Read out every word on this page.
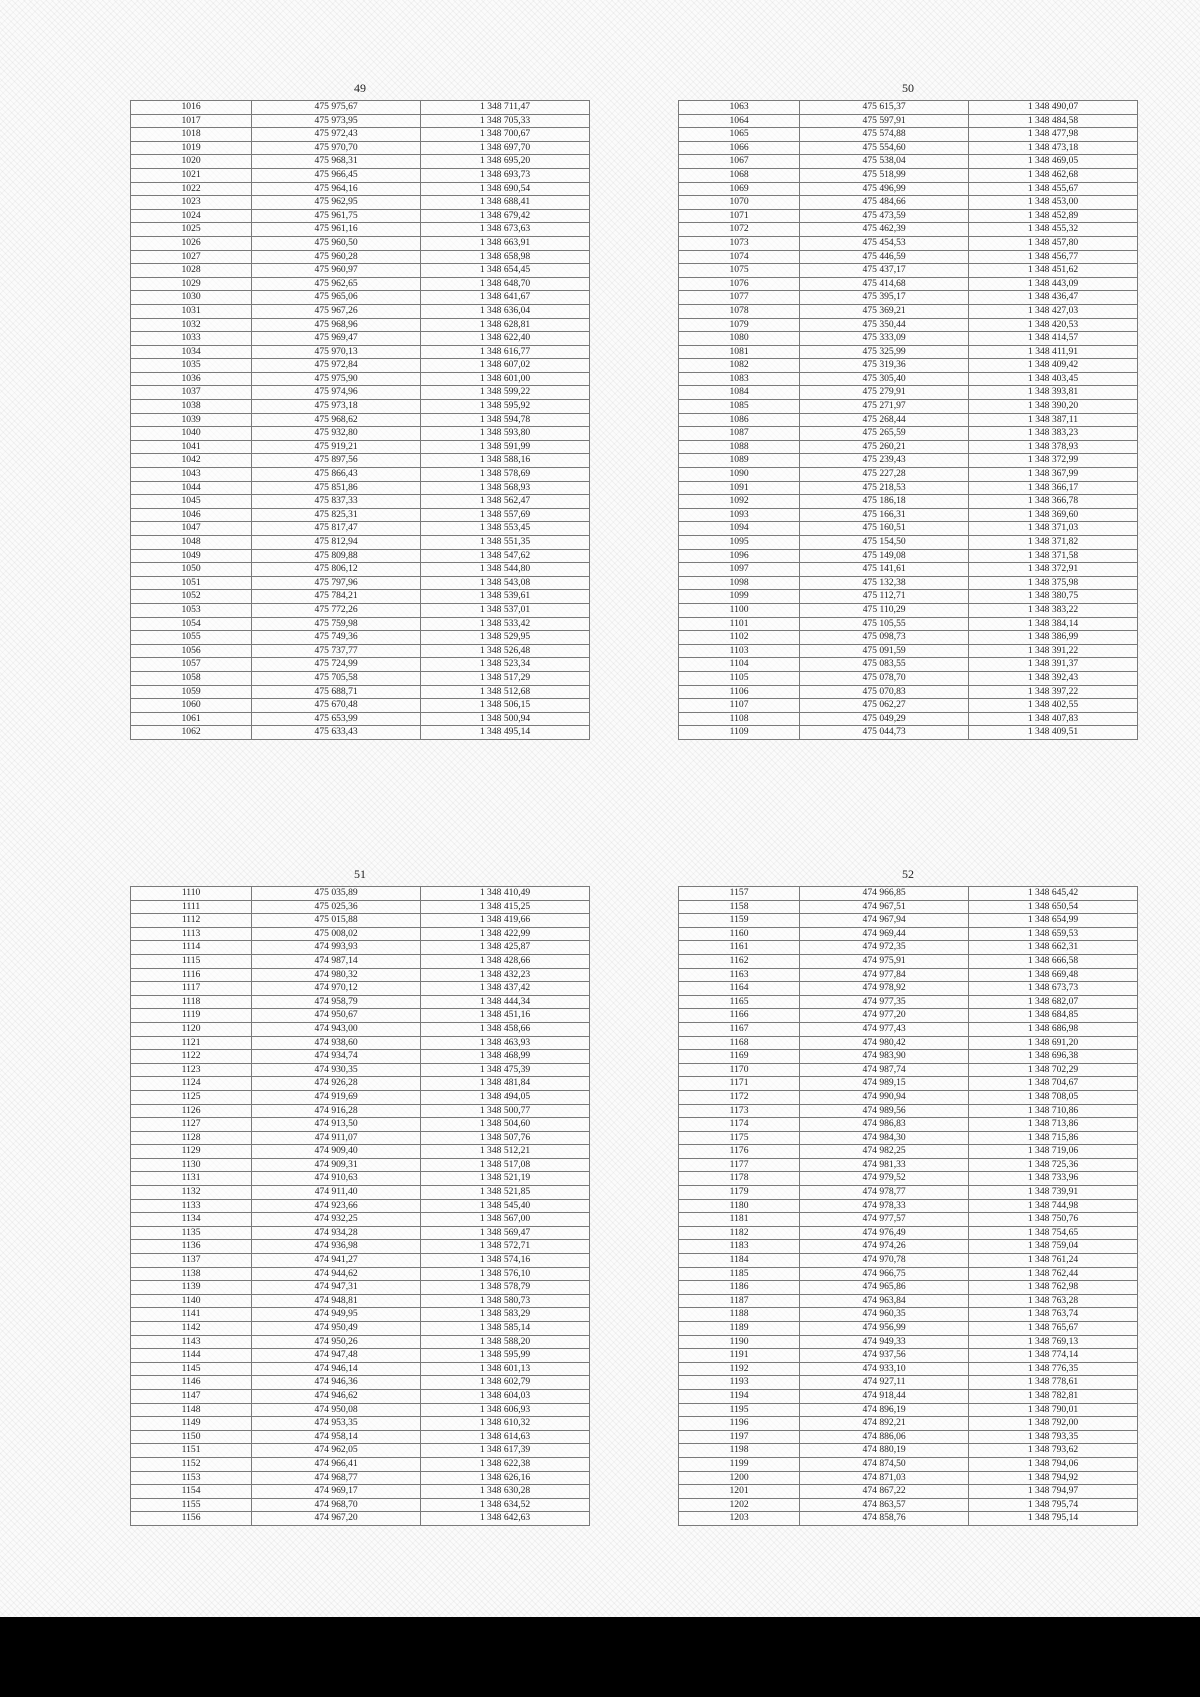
49
1016	475 975,67	1 348 711,47
1017	475 973,95	1 348 705,33
1018	475 972,43	1 348 700,67
1019	475 970,70	1 348 697,70
1020	475 968,31	1 348 695,20
1021	475 966,45	1 348 693,73
1022	475 964,16	1 348 690,54
1023	475 962,95	1 348 688,41
1024	475 961,75	1 348 679,42
1025	475 961,16	1 348 673,63
1026	475 960,50	1 348 663,91
1027	475 960,28	1 348 658,98
1028	475 960,97	1 348 654,45
1029	475 962,65	1 348 648,70
1030	475 965,06	1 348 641,67
1031	475 967,26	1 348 636,04
1032	475 968,96	1 348 628,81
1033	475 969,47	1 348 622,40
1034	475 970,13	1 348 616,77
1035	475 972,84	1 348 607,02
1036	475 975,90	1 348 601,00
1037	475 974,96	1 348 599,22
1038	475 973,18	1 348 595,92
1039	475 968,62	1 348 594,78
1040	475 932,80	1 348 593,80
1041	475 919,21	1 348 591,99
1042	475 897,56	1 348 588,16
1043	475 866,43	1 348 578,69
1044	475 851,86	1 348 568,93
1045	475 837,33	1 348 562,47
1046	475 825,31	1 348 557,69
1047	475 817,47	1 348 553,45
1048	475 812,94	1 348 551,35
1049	475 809,88	1 348 547,62
1050	475 806,12	1 348 544,80
1051	475 797,96	1 348 543,08
1052	475 784,21	1 348 539,61
1053	475 772,26	1 348 537,01
1054	475 759,98	1 348 533,42
1055	475 749,36	1 348 529,95
1056	475 737,77	1 348 526,48
1057	475 724,99	1 348 523,34
1058	475 705,58	1 348 517,29
1059	475 688,71	1 348 512,68
1060	475 670,48	1 348 506,15
1061	475 653,99	1 348 500,94
1062	475 633,43	1 348 495,14
50
1063	475 615,37	1 348 490,07
1064	475 597,91	1 348 484,58
1065	475 574,88	1 348 477,98
1066	475 554,60	1 348 473,18
1067	475 538,04	1 348 469,05
1068	475 518,99	1 348 462,68
1069	475 496,99	1 348 455,67
1070	475 484,66	1 348 453,00
1071	475 473,59	1 348 452,89
1072	475 462,39	1 348 455,32
1073	475 454,53	1 348 457,80
1074	475 446,59	1 348 456,77
1075	475 437,17	1 348 451,62
1076	475 414,68	1 348 443,09
1077	475 395,17	1 348 436,47
1078	475 369,21	1 348 427,03
1079	475 350,44	1 348 420,53
1080	475 333,09	1 348 414,57
1081	475 325,99	1 348 411,91
1082	475 319,36	1 348 409,42
1083	475 305,40	1 348 403,45
1084	475 279,91	1 348 393,81
1085	475 271,97	1 348 390,20
1086	475 268,44	1 348 387,11
1087	475 265,59	1 348 383,23
1088	475 260,21	1 348 378,93
1089	475 239,43	1 348 372,99
1090	475 227,28	1 348 367,99
1091	475 218,53	1 348 366,17
1092	475 186,18	1 348 366,78
1093	475 166,31	1 348 369,60
1094	475 160,51	1 348 371,03
1095	475 154,50	1 348 371,82
1096	475 149,08	1 348 371,58
1097	475 141,61	1 348 372,91
1098	475 132,38	1 348 375,98
1099	475 112,71	1 348 380,75
1100	475 110,29	1 348 383,22
1101	475 105,55	1 348 384,14
1102	475 098,73	1 348 386,99
1103	475 091,59	1 348 391,22
1104	475 083,55	1 348 391,37
1105	475 078,70	1 348 392,43
1106	475 070,83	1 348 397,22
1107	475 062,27	1 348 402,55
1108	475 049,29	1 348 407,83
1109	475 044,73	1 348 409,51
51
1110	475 035,89	1 348 410,49
1111	475 025,36	1 348 415,25
1112	475 015,88	1 348 419,66
1113	475 008,02	1 348 422,99
1114	474 993,93	1 348 425,87
1115	474 987,14	1 348 428,66
1116	474 980,32	1 348 432,23
1117	474 970,12	1 348 437,42
1118	474 958,79	1 348 444,34
1119	474 950,67	1 348 451,16
1120	474 943,00	1 348 458,66
1121	474 938,60	1 348 463,93
1122	474 934,74	1 348 468,99
1123	474 930,35	1 348 475,39
1124	474 926,28	1 348 481,84
1125	474 919,69	1 348 494,05
1126	474 916,28	1 348 500,77
1127	474 913,50	1 348 504,60
1128	474 911,07	1 348 507,76
1129	474 909,40	1 348 512,21
1130	474 909,31	1 348 517,08
1131	474 910,63	1 348 521,19
1132	474 911,40	1 348 521,85
1133	474 923,66	1 348 545,40
1134	474 932,25	1 348 567,00
1135	474 934,28	1 348 569,47
1136	474 936,98	1 348 572,71
1137	474 941,27	1 348 574,16
1138	474 944,62	1 348 576,10
1139	474 947,31	1 348 578,79
1140	474 948,81	1 348 580,73
1141	474 949,95	1 348 583,29
1142	474 950,49	1 348 585,14
1143	474 950,26	1 348 588,20
1144	474 947,48	1 348 595,99
1145	474 946,14	1 348 601,13
1146	474 946,36	1 348 602,79
1147	474 946,62	1 348 604,03
1148	474 950,08	1 348 606,93
1149	474 953,35	1 348 610,32
1150	474 958,14	1 348 614,63
1151	474 962,05	1 348 617,39
1152	474 966,41	1 348 622,38
1153	474 968,77	1 348 626,16
1154	474 969,17	1 348 630,28
1155	474 968,70	1 348 634,52
1156	474 967,20	1 348 642,63
52
1157	474 966,85	1 348 645,42
1158	474 967,51	1 348 650,54
1159	474 967,94	1 348 654,99
1160	474 969,44	1 348 659,53
1161	474 972,35	1 348 662,31
1162	474 975,91	1 348 666,58
1163	474 977,84	1 348 669,48
1164	474 978,92	1 348 673,73
1165	474 977,35	1 348 682,07
1166	474 977,20	1 348 684,85
1167	474 977,43	1 348 686,98
1168	474 980,42	1 348 691,20
1169	474 983,90	1 348 696,38
1170	474 987,74	1 348 702,29
1171	474 989,15	1 348 704,67
1172	474 990,94	1 348 708,05
1173	474 989,56	1 348 710,86
1174	474 986,83	1 348 713,86
1175	474 984,30	1 348 715,86
1176	474 982,25	1 348 719,06
1177	474 981,33	1 348 725,36
1178	474 979,52	1 348 733,96
1179	474 978,77	1 348 739,91
1180	474 978,33	1 348 744,98
1181	474 977,57	1 348 750,76
1182	474 976,49	1 348 754,65
1183	474 974,26	1 348 759,04
1184	474 970,78	1 348 761,24
1185	474 966,75	1 348 762,44
1186	474 965,86	1 348 762,98
1187	474 963,84	1 348 763,28
1188	474 960,35	1 348 763,74
1189	474 956,99	1 348 765,67
1190	474 949,33	1 348 769,13
1191	474 937,56	1 348 774,14
1192	474 933,10	1 348 776,35
1193	474 927,11	1 348 778,61
1194	474 918,44	1 348 782,81
1195	474 896,19	1 348 790,01
1196	474 892,21	1 348 792,00
1197	474 886,06	1 348 793,35
1198	474 880,19	1 348 793,62
1199	474 874,50	1 348 794,06
1200	474 871,03	1 348 794,92
1201	474 867,22	1 348 794,97
1202	474 863,57	1 348 795,74
1203	474 858,76	1 348 795,14
